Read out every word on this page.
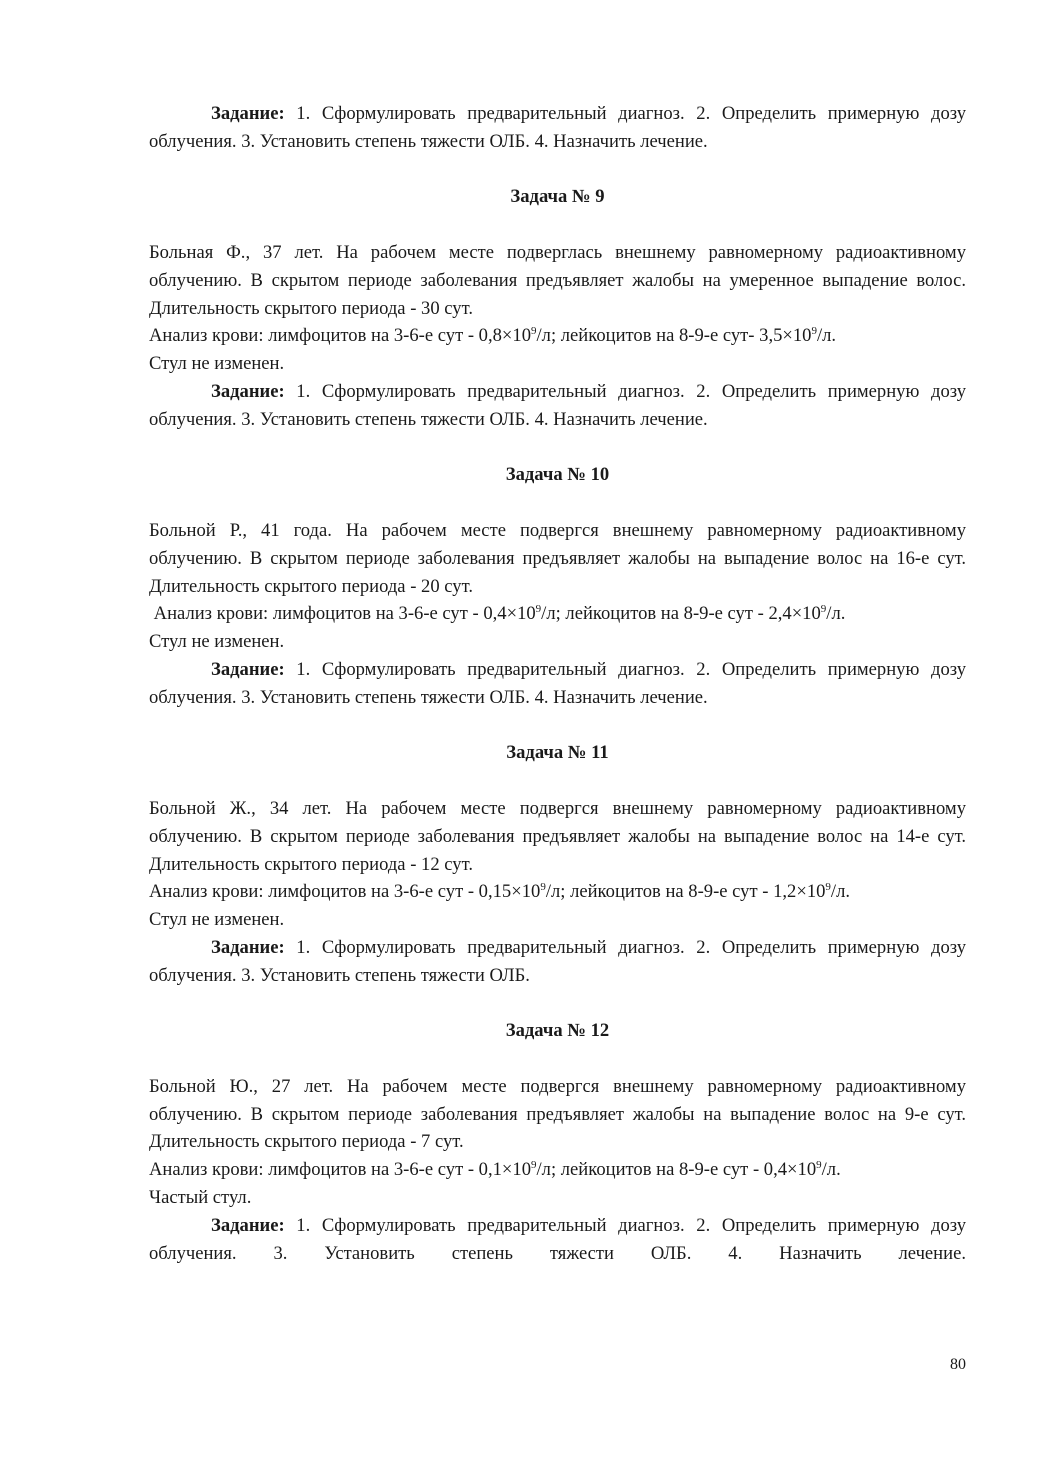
Задание: 1. Сформулировать предварительный диагноз. 2. Определить примерную дозу облучения. 3. Установить степень тяжести ОЛБ. 4. Назначить лечение.

Задача № 9

Больная Ф., 37 лет. На рабочем месте подверглась внешнему равномерному радиоактивному облучению. В скрытом периоде заболевания предъявляет жалобы на умеренное выпадение волос. Длительность скрытого периода - 30 сут.

Анализ крови: лимфоцитов на 3-6-е сут - $0,8\times 10^9/л$; лейкоцитов на 8-9-е сут- $3,5\times 10^9/л$.

Стул не изменен.

Задание: 1. Сформулировать предварительный диагноз. 2. Определить примерную дозу облучения. 3. Установить степень тяжести ОЛБ. 4. Назначить лечение.

Задача № 10

Больной Р., 41 года. На рабочем месте подвергся внешнему равномерному радиоактивному облучению. В скрытом периоде заболевания предъявляет жалобы на выпадение волос на 16-е сут. Длительность скрытого периода - 20 сут.

Анализ крови: лимфоцитов на 3-6-е сут - $0,4\times 10^9/л$; лейкоцитов на 8-9-е сут - $2,4\times 10^9/л$.

Стул не изменен.

Задание: 1. Сформулировать предварительный диагноз. 2. Определить примерную дозу облучения. 3. Установить степень тяжести ОЛБ. 4. Назначить лечение.

Задача № 11

Больной Ж., 34 лет. На рабочем месте подвергся внешнему равномерному радиоактивному облучению. В скрытом периоде заболевания предъявляет жалобы на выпадение волос на 14-е сут. Длительность скрытого периода - 12 сут.

Анализ крови: лимфоцитов на 3-6-е сут - $0,15\times 10^9/л$; лейкоцитов на 8-9-е сут - $1,2\times 10^9/л$.

Стул не изменен.

Задание: 1. Сформулировать предварительный диагноз. 2. Определить примерную дозу облучения. 3. Установить степень тяжести ОЛБ.

Задача № 12

Больной Ю., 27 лет. На рабочем месте подвергся внешнему равномерному радиоактивному облучению. В скрытом периоде заболевания предъявляет жалобы на выпадение волос на 9-е сут. Длительность скрытого периода - 7 сут.

Анализ крови: лимфоцитов на 3-6-е сут - $0,1\times 10^9/л$; лейкоцитов на 8-9-е сут - $0,4\times 10^9/л$.

Частый стул.

Задание: 1. Сформулировать предварительный диагноз. 2. Определить примерную дозу облучения. 3. Установить степень тяжести ОЛБ. 4. Назначить лечение.

80
